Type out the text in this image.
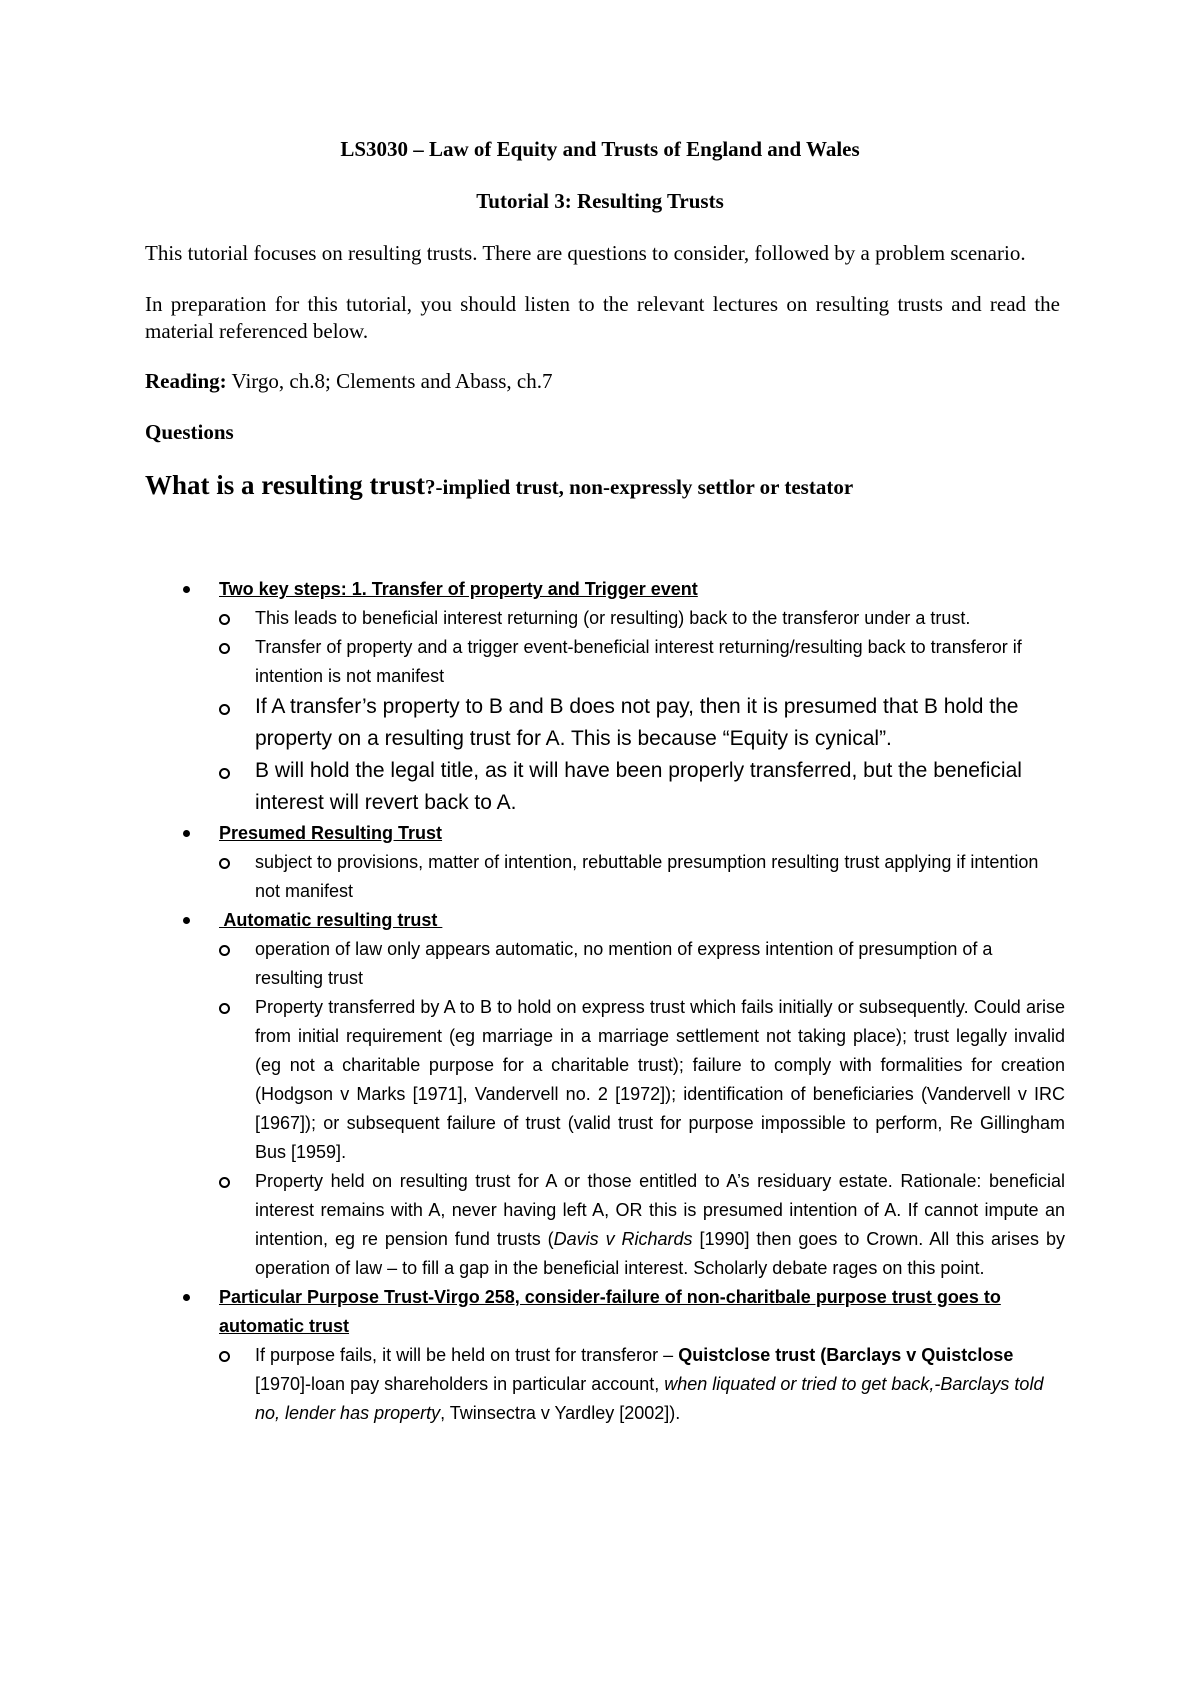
LS3030 – Law of Equity and Trusts of England and Wales
Tutorial 3: Resulting Trusts
This tutorial focuses on resulting trusts. There are questions to consider, followed by a problem scenario.
In preparation for this tutorial, you should listen to the relevant lectures on resulting trusts and read the material referenced below.
Reading: Virgo, ch.8; Clements and Abass, ch.7
Questions
What is a resulting trust?-implied trust, non-expressly settlor or testator
Two key steps: 1. Transfer of property and Trigger event
This leads to beneficial interest returning (or resulting) back to the transferor under a trust.
Transfer of property and a trigger event-beneficial interest returning/resulting back to transferor if intention is not manifest
If A transfer’s property to B and B does not pay, then it is presumed that B hold the property on a resulting trust for A. This is because “Equity is cynical”.
B will hold the legal title, as it will have been properly transferred, but the beneficial interest will revert back to A.
Presumed Resulting Trust
subject to provisions, matter of intention, rebuttable presumption resulting trust applying if intention not manifest
Automatic resulting trust
operation of law only appears automatic, no mention of express intention of presumption of a resulting trust
Property transferred by A to B to hold on express trust which fails initially or subsequently. Could arise from initial requirement (eg marriage in a marriage settlement not taking place); trust legally invalid (eg not a charitable purpose for a charitable trust); failure to comply with formalities for creation (Hodgson v Marks [1971], Vandervell no. 2 [1972]); identification of beneficiaries (Vandervell v IRC [1967]); or subsequent failure of trust (valid trust for purpose impossible to perform, Re Gillingham Bus [1959].
Property held on resulting trust for A or those entitled to A’s residuary estate. Rationale: beneficial interest remains with A, never having left A, OR this is presumed intention of A. If cannot impute an intention, eg re pension fund trusts (Davis v Richards [1990] then goes to Crown. All this arises by operation of law – to fill a gap in the beneficial interest. Scholarly debate rages on this point.
Particular Purpose Trust-Virgo 258, consider-failure of non-charitbale purpose trust goes to automatic trust
If purpose fails, it will be held on trust for transferor – Quistclose trust (Barclays v Quistclose [1970]-loan pay shareholders in particular account, when liquated or tried to get back,-Barclays told no, lender has property, Twinsectra v Yardley [2002]).
